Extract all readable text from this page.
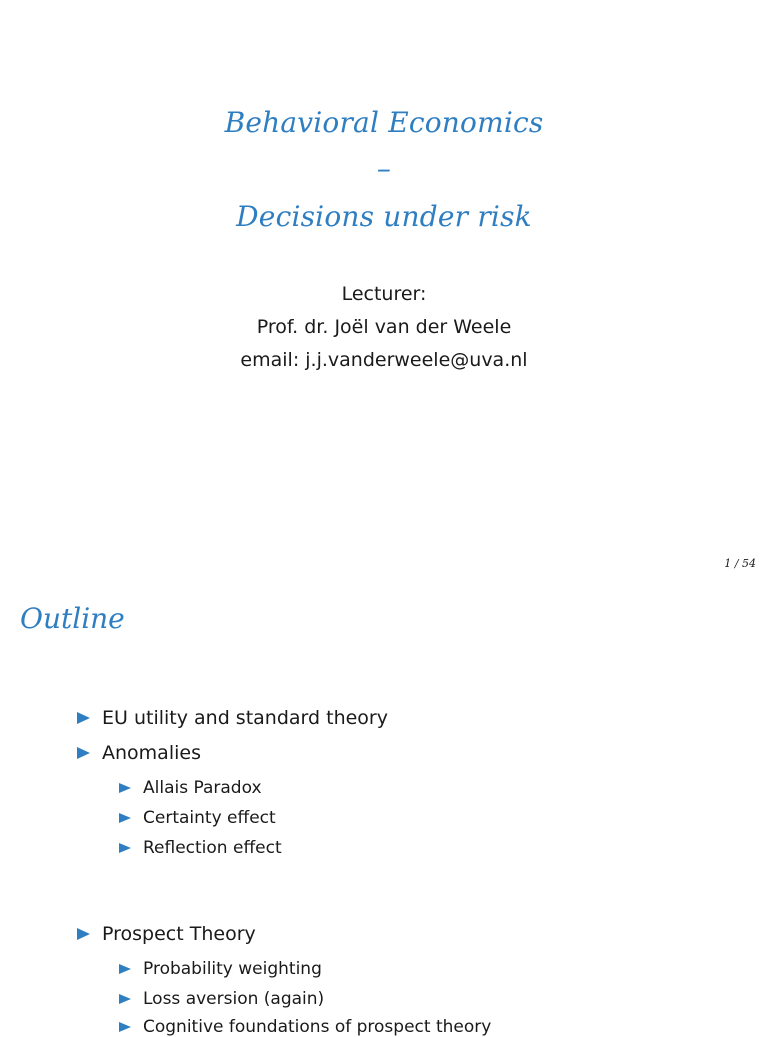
Behavioral Economics
–
Decisions under risk
Lecturer:
Prof. dr. Joël van der Weele
email: j.j.vanderweele@uva.nl
1 / 54
Outline
EU utility and standard theory
Anomalies
Allais Paradox
Certainty effect
Reflection effect
Prospect Theory
Probability weighting
Loss aversion (again)
Cognitive foundations of prospect theory
